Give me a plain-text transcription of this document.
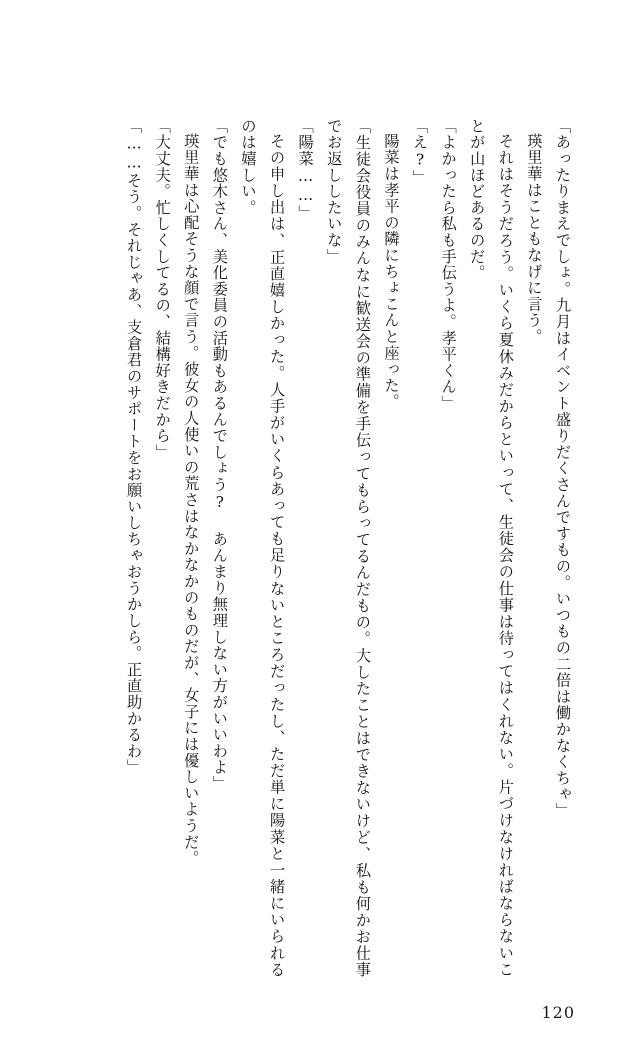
「あったりまえでしょ。九月はイベント盛りだくさんですもの。いつもの二倍は働かなくちゃ」

瑛里華はこともなげに言う。

それはそうだろう。いくら夏休みだからといって、生徒会の仕事は待ってはくれない。片づけなければならないことが山ほどあるのだ。

「よかったら私も手伝うよ。孝平くん」

「え?」

陽菜は孝平の隣にちょこんと座った。

「生徒会役員のみんなに歓送会の準備を手伝ってもらってるんだもの。大したことはできないけど、私も何かお仕事でお返ししたいな」

「陽菜……」

その申し出は、正直嬉しかった。人手がいくらあっても足りないところだったし、ただ単に陽菜と一緒にいられるのは嬉しい。

「でも悠木さん、美化委員の活動もあるんでしょう? あんまり無理しない方がいいわよ」

瑛里華は心配そうな顔で言う。彼女の人使いの荒さはなかなかのものだが、女子には優しいようだ。

「大丈夫。忙しくしてるの、結構好きだから」

「……そう。それじゃあ、支倉君のサポートをお願いしちゃおうかしら。正直助かるわ」

120
